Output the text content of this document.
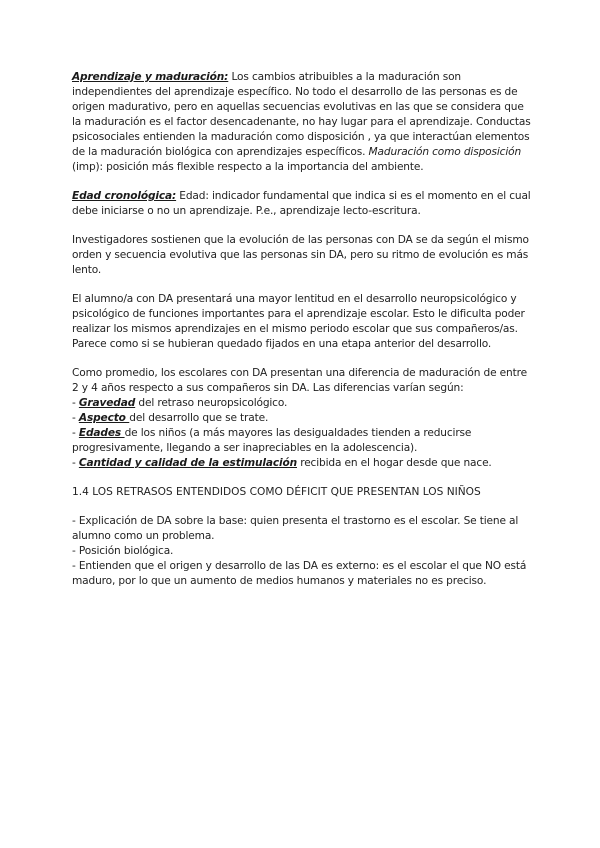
Aprendizaje y maduración: Los cambios atribuibles a la maduración son independientes del aprendizaje específico. No todo el desarrollo de las personas es de origen madurativo, pero en aquellas secuencias evolutivas en las que se considera que la maduración es el factor desencadenante, no hay lugar para el aprendizaje. Conductas psicosociales entienden la maduración como disposición , ya que interactúan elementos de la maduración biológica con aprendizajes específicos. Maduración como disposición (imp): posición más flexible respecto a la importancia del ambiente.

Edad cronológica: Edad: indicador fundamental que indica si es el momento en el cual debe iniciarse o no un aprendizaje. P.e., aprendizaje lecto-escritura.

Investigadores sostienen que la evolución de las personas con DA se da según el mismo orden y secuencia evolutiva que las personas sin DA, pero su ritmo de evolución es más lento.

El alumno/a con DA presentará una mayor lentitud en el desarrollo neuropsicológico y psicológico de funciones importantes para el aprendizaje escolar. Esto le dificulta poder realizar los mismos aprendizajes en el mismo periodo escolar que sus compañeros/as. Parece como si se hubieran quedado fijados en una etapa anterior del desarrollo.

Como promedio, los escolares con DA presentan una diferencia de maduración de entre 2 y 4 años respecto a sus compañeros sin DA. Las diferencias varían según:

- Gravedad del retraso neuropsicológico.
- Aspecto del desarrollo que se trate.
- Edades de los niños (a más mayores las desigualdades tienden a reducirse progresivamente, llegando a ser inapreciables en la adolescencia).
- Cantidad y calidad de la estimulación recibida en el hogar desde que nace.

1.4 LOS RETRASOS ENTENDIDOS COMO DÉFICIT QUE PRESENTAN LOS NIÑOS

- Explicación de DA sobre la base: quien presenta el trastorno es el escolar. Se tiene al alumno como un problema.
- Posición biológica.
- Entienden que el origen y desarrollo de las DA es externo: es el escolar el que NO está maduro, por lo que un aumento de medios humanos y materiales no es preciso.
